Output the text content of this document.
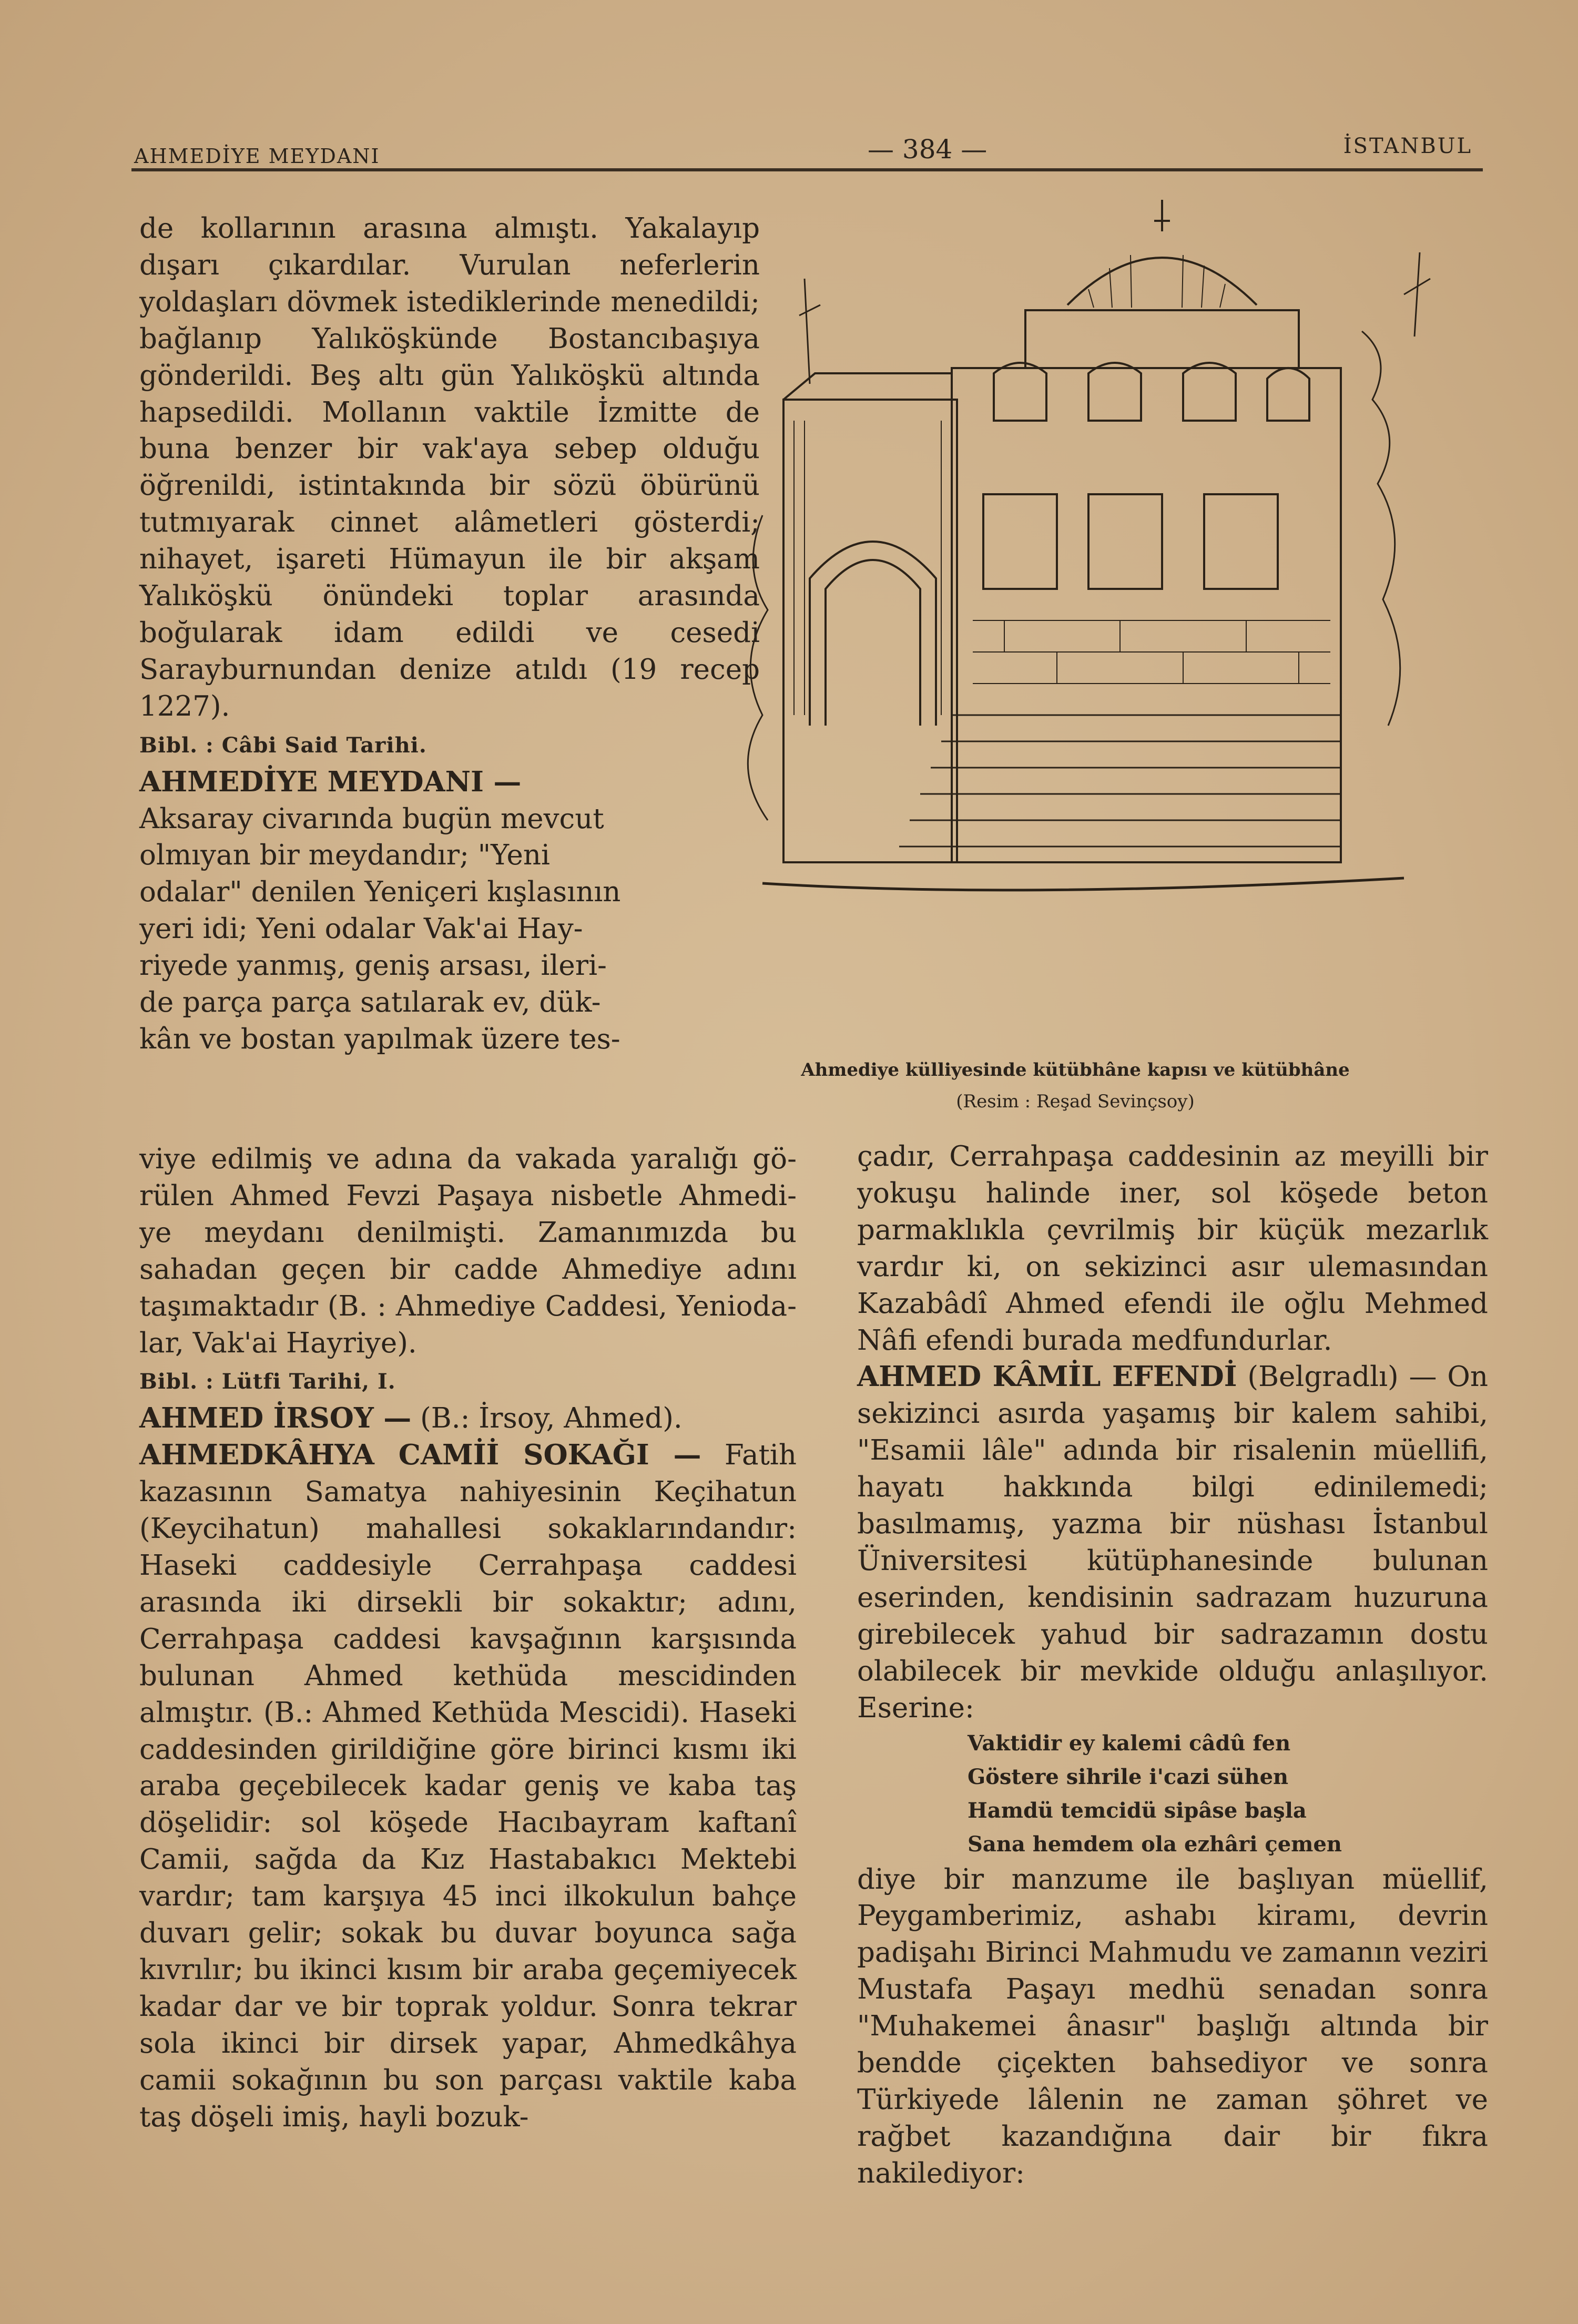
AHMEDİYE MEYDANI	— 384 —	İSTANBUL

de kollarının arasına almıştı. Yakalayıp dışarı çıkardılar. Vurulan neferlerin yoldaşları dövmek istediklerinde menedildi; bağlanıp Yalıköşkünde Bostancıbaşıya gönderildi. Beş altı gün Yalıköşkü altında hapsedildi. Mollanın vaktile İzmitte de buna benzer bir vak'aya sebep olduğu öğrenildi, istintakında bir sözü öbürünü tutmıyarak cinnet alâmetleri gösterdi; nihayet, işareti Hümayun ile bir akşam Yalıköşkü önündeki toplar arasında boğularak idam edildi ve cesedi Sarayburnundan denize atıldı (19 recep 1227).

Bibl. : Câbi Said Tarihi.

AHMEDİYE MEYDANI —
Aksaray civarında bugün mevcut
olmıyan bir meydandır; "Yeni
odalar" denilen Yeniçeri kışlasının
yeri idi; Yeni odalar Vak'ai Hay-
riyede yanmış, geniş arsası, ileri-
de parça parça satılarak ev, dük-
kân ve bostan yapılmak üzere tes-

viye edilmiş ve adına da vakada yaralığı gö- rülen Ahmed Fevzi Paşaya nisbetle Ahmedi- ye meydanı denilmişti. Zamanımızda bu sahadan geçen bir cadde Ahmediye adını taşımaktadır (B. : Ahmediye Caddesi, Yenioda- lar, Vak'ai Hayriye).

Bibl. : Lütfi Tarihi, I.

AHMED İRSOY — (B.: İrsoy, Ahmed).

AHMEDKÂHYA CAMİİ SOKAĞI — Fatih kazasının Samatya nahiyesinin Keçihatun (Keycihatun) mahallesi sokaklarındandır: Haseki caddesiyle Cerrahpaşa caddesi arasında iki dirsekli bir sokaktır; adını, Cerrahpaşa caddesi kavşağının karşısında bulunan Ahmed kethüda mescidinden almıştır. (B.: Ahmed Kethüda Mescidi). Haseki caddesinden girildiğine göre birinci kısmı iki araba geçebilecek kadar geniş ve kaba taş döşelidir: sol köşede Hacıbayram kaftanî Camii, sağda da Kız Hastabakıcı Mektebi vardır; tam karşıya 45 inci ilkokulun bahçe duvarı gelir; sokak bu duvar boyunca sağa kıvrılır; bu ikinci kısım bir araba geçemiyecek kadar dar ve bir toprak yoldur. Sonra tekrar sola ikinci bir dirsek yapar, Ahmedkâhya camii sokağının bu son parçası vaktile kaba taş döşeli imiş, hayli bozuk-

Ahmediye külliyesinde kütübhâne kapısı ve kütübhâne
(Resim : Reşad Sevinçsoy)

çadır, Cerrahpaşa caddesinin az meyilli bir yokuşu halinde iner, sol köşede beton parmaklıkla çevrilmiş bir küçük mezarlık vardır ki, on sekizinci asır ulemasından Kazabâdî Ahmed efendi ile oğlu Mehmed Nâfi efendi burada medfundurlar.

AHMED KÂMİL EFENDİ (Belgradlı) — On sekizinci asırda yaşamış bir kalem sahibi, "Esamii lâle" adında bir risalenin müellifi, hayatı hakkında bilgi edinilemedi; basılmamış, yazma bir nüshası İstanbul Üniversitesi kütüphanesinde bulunan eserinden, kendisinin sadrazam huzuruna girebilecek yahud bir sadrazamın dostu olabilecek bir mevkide olduğu anlaşılıyor. Eserine:

Vaktidir ey kalemi câdû fen
Göstere sihrile i'cazi sühen
Hamdü temcidü sipâse başla
Sana hemdem ola ezhâri çemen

diye bir manzume ile başlıyan müellif, Peygamberimiz, ashabı kiramı, devrin padişahı Birinci Mahmudu ve zamanın veziri Mustafa Paşayı medhü senadan sonra "Muhakemei ânasır" başlığı altında bir bendde çiçekten bahsediyor ve sonra Türkiyede lâlenin ne zaman şöhret ve rağbet kazandığına dair bir fıkra nakilediyor:
